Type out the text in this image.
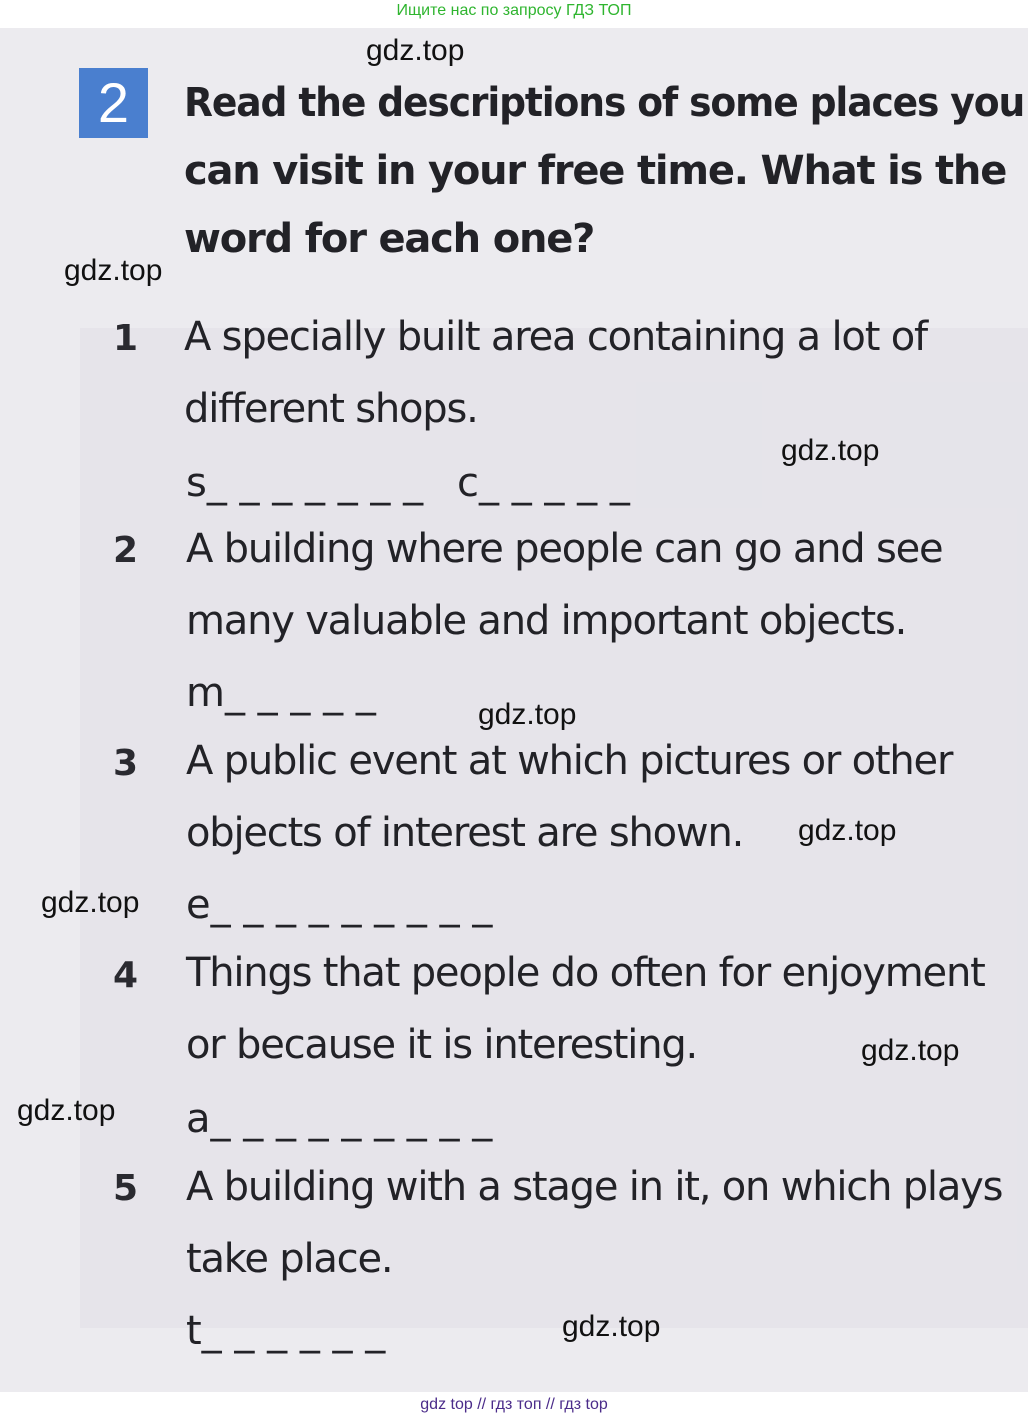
Ищите нас по запросу ГДЗ ТОП
2	Read the descriptions of some places you
can visit in your free time. What is the
word for each one?
1 A specially built area containing a lot of
different shops.
s_ _ _ _ _ _ _ c_ _ _ _ _
2 A building where people can go and see
many valuable and important objects.
m_ _ _ _ _
3 A public event at which pictures or other
objects of interest are shown.
e_ _ _ _ _ _ _ _ _
4 Things that people do often for enjoyment
or because it is interesting.
a_ _ _ _ _ _ _ _ _
5 A building with a stage in it, on which plays
take place.
t_ _ _ _ _ _
gdz.top
gdz.top
gdz.top
gdz.top
gdz.top
gdz.top
gdz.top
gdz.top
gdz.top
gdz top // гдз топ // гдз top
